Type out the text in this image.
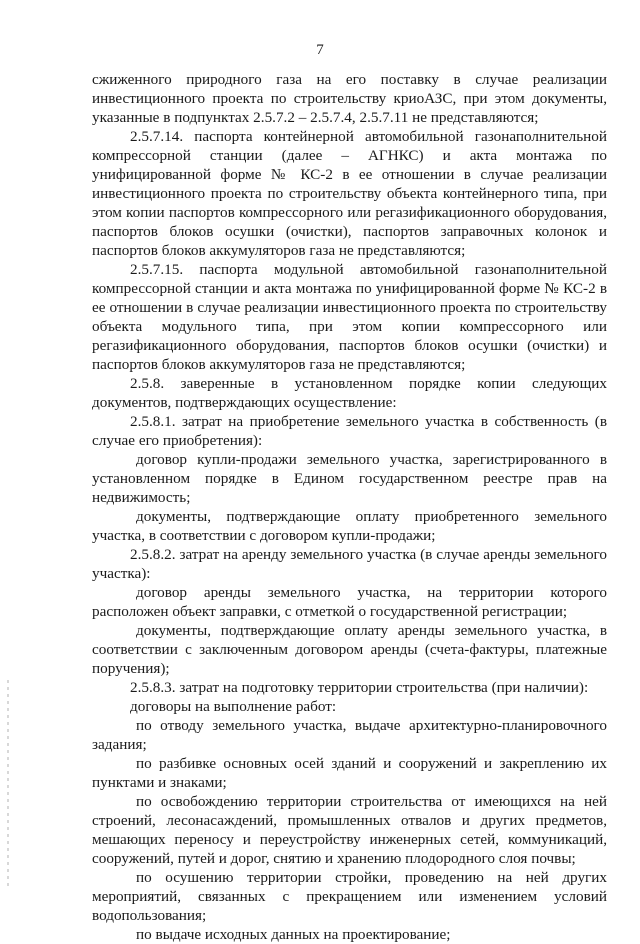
7

сжиженного природного газа на его поставку в случае реализации инвестиционного проекта по строительству криоАЗС, при этом документы, указанные в подпунктах 2.5.7.2 – 2.5.7.4, 2.5.7.11 не представляются;

2.5.7.14. паспорта контейнерной автомобильной газонаполнительной компрессорной станции (далее – АГНКС) и акта монтажа по унифицированной форме № КС-2 в ее отношении в случае реализации инвестиционного проекта по строительству объекта контейнерного типа, при этом копии паспортов компрессорного или регазификационного оборудования, паспортов блоков осушки (очистки), паспортов заправочных колонок и паспортов блоков аккумуляторов газа не представляются;

2.5.7.15. паспорта модульной автомобильной газонаполнительной компрессорной станции и акта монтажа по унифицированной форме № КС-2 в ее отношении в случае реализации инвестиционного проекта по строительству объекта модульного типа, при этом копии компрессорного или регазификационного оборудования, паспортов блоков осушки (очистки) и паспортов блоков аккумуляторов газа не представляются;

2.5.8. заверенные в установленном порядке копии следующих документов, подтверждающих осуществление:

2.5.8.1. затрат на приобретение земельного участка в собственность (в случае его приобретения):

договор купли-продажи земельного участка, зарегистрированного в установленном порядке в Едином государственном реестре прав на недвижимость;

документы, подтверждающие оплату приобретенного земельного участка, в соответствии с договором купли-продажи;

2.5.8.2. затрат на аренду земельного участка (в случае аренды земельного участка):

договор аренды земельного участка, на территории которого расположен объект заправки, с отметкой о государственной регистрации;

документы, подтверждающие оплату аренды земельного участка, в соответствии с заключенным договором аренды (счета-фактуры, платежные поручения);

2.5.8.3. затрат на подготовку территории строительства (при наличии):

договоры на выполнение работ:

по отводу земельного участка, выдаче архитектурно-планировочного задания;

по разбивке основных осей зданий и сооружений и закреплению их пунктами и знаками;

по освобождению территории строительства от имеющихся на ней строений, лесонасаждений, промышленных отвалов и других предметов, мешающих переносу и переустройству инженерных сетей, коммуникаций, сооружений, путей и дорог, снятию и хранению плодородного слоя почвы;

по осушению территории стройки, проведению на ней других мероприятий, связанных с прекращением или изменением условий водопользования;

по выдаче исходных данных на проектирование;
